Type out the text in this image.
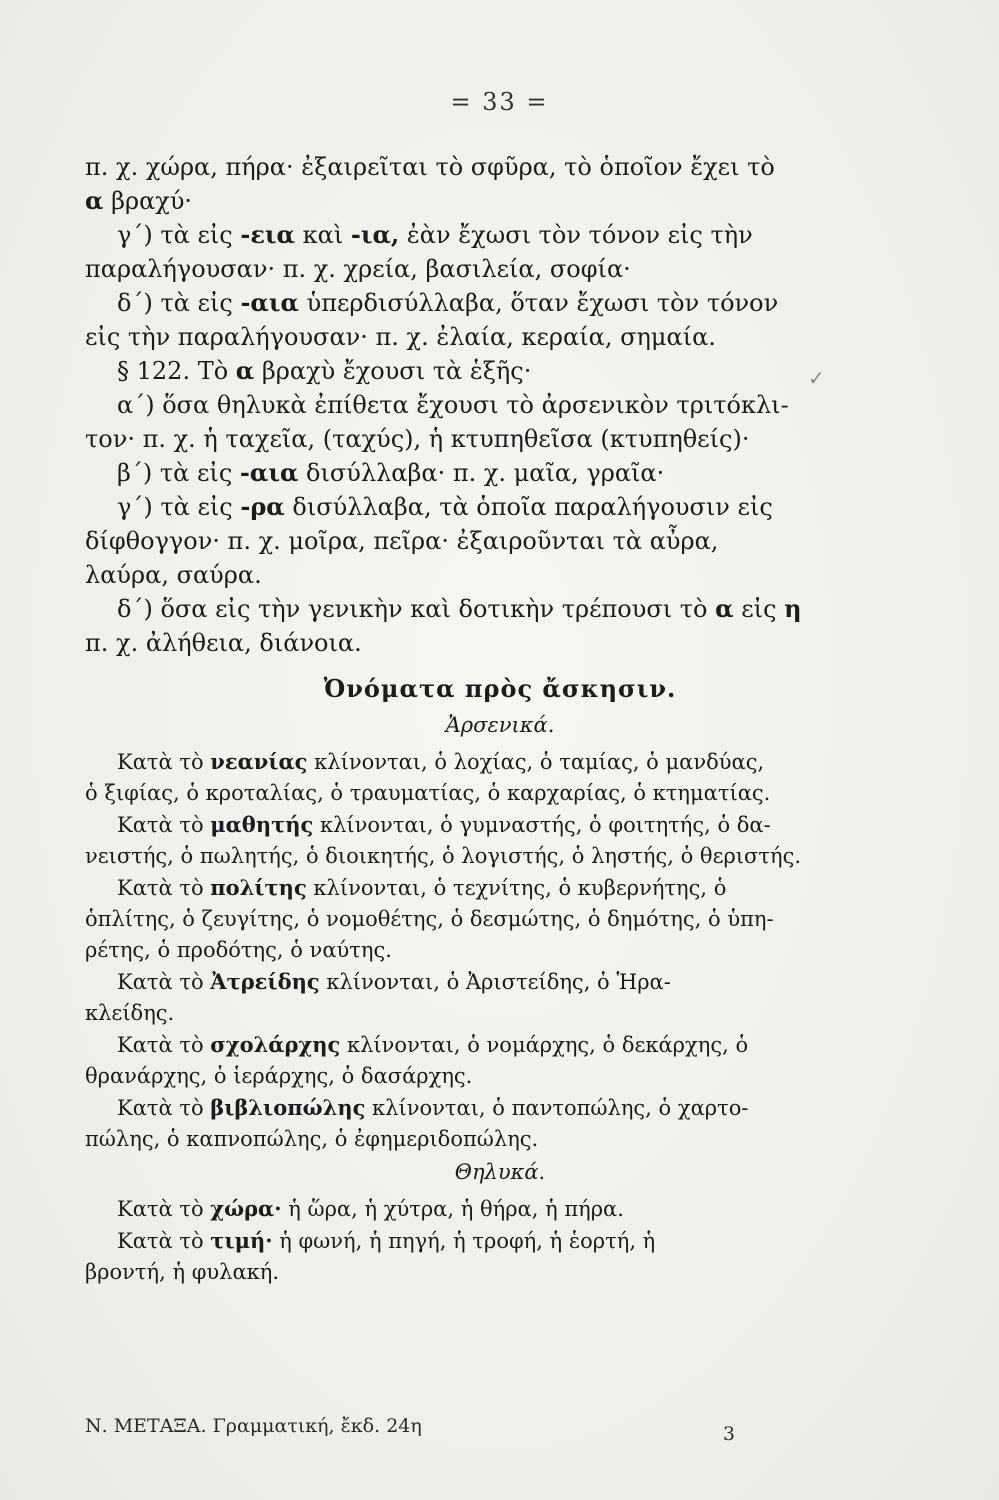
= 33 =
✓

π. χ. χώρα, πήρα· ἐξαιρεῖται τὸ σφῦρα, τὸ ὁποῖον ἔχει τὸ

α βραχύ·

γ΄) τὰ εἰς -εια καὶ -ια, ἐὰν ἔχωσι τὸν τόνον εἰς τὴν

παραλήγουσαν· π. χ. χρεία, βασιλεία, σοφία·

δ΄) τὰ εἰς -αια ὑπερδισύλλαβα, ὅταν ἔχωσι τὸν τόνον

εἰς τὴν παραλήγουσαν· π. χ. ἐλαία, κεραία, σημαία.

§ 122. Τὸ α βραχὺ ἔχουσι τὰ ἑξῆς·

α΄) ὅσα θηλυκὰ ἐπίθετα ἔχουσι τὸ ἀρσενικὸν τριτόκλι-

τον· π. χ. ἡ ταχεῖα, (ταχύς), ἡ κτυπηθεῖσα (κτυπηθείς)·

β΄) τὰ εἰς -αια δισύλλαβα· π. χ. μαῖα, γραῖα·

γ΄) τὰ εἰς -ρα δισύλλαβα, τὰ ὁποῖα παραλήγουσιν εἰς

δίφθογγον· π. χ. μοῖρα, πεῖρα· ἐξαιροῦνται τὰ αὖρα,

λαύρα, σαύρα.

δ΄) ὅσα εἰς τὴν γενικὴν καὶ δοτικὴν τρέπουσι τὸ α εἰς η

π. χ. ἀλήθεια, διάνοια.

Ὀνόματα πρὸς ἄσκησιν.

Ἀρσενικά.

Κατὰ τὸ νεανίας κλίνονται, ὁ λοχίας, ὁ ταμίας, ὁ μανδύας,

ὁ ξιφίας, ὁ κροταλίας, ὁ τραυματίας, ὁ καρχαρίας, ὁ κτηματίας.

Κατὰ τὸ μαθητής κλίνονται, ὁ γυμναστής, ὁ φοιτητής, ὁ δα-

νειστής, ὁ πωλητής, ὁ διοικητής, ὁ λογιστής, ὁ ληστής, ὁ θεριστής.

Κατὰ τὸ πολίτης κλίνονται, ὁ τεχνίτης, ὁ κυβερνήτης, ὁ

ὁπλίτης, ὁ ζευγίτης, ὁ νομοθέτης, ὁ δεσμώτης, ὁ δημότης, ὁ ὑπη-

ρέτης, ὁ προδότης, ὁ ναύτης.

Κατὰ τὸ Ἀτρείδης κλίνονται, ὁ Ἀριστείδης, ὁ Ἡρα-

κλείδης.

Κατὰ τὸ σχολάρχης κλίνονται, ὁ νομάρχης, ὁ δεκάρχης, ὁ

θρανάρχης, ὁ ἱεράρχης, ὁ δασάρχης.

Κατὰ τὸ βιβλιοπώλης κλίνονται, ὁ παντοπώλης, ὁ χαρτο-

πώλης, ὁ καπνοπώλης, ὁ ἐφημεριδοπώλης.

Θηλυκά.

Κατὰ τὸ χώρα· ἡ ὥρα, ἡ χύτρα, ἡ θήρα, ἡ πήρα.

Κατὰ τὸ τιμή· ἡ φωνή, ἡ πηγή, ἡ τροφή, ἡ ἑορτή, ἡ

βροντή, ἡ φυλακή.

Ν. ΜΕΤΑΞΑ. Γραμματική, ἔκδ. 24η	3
